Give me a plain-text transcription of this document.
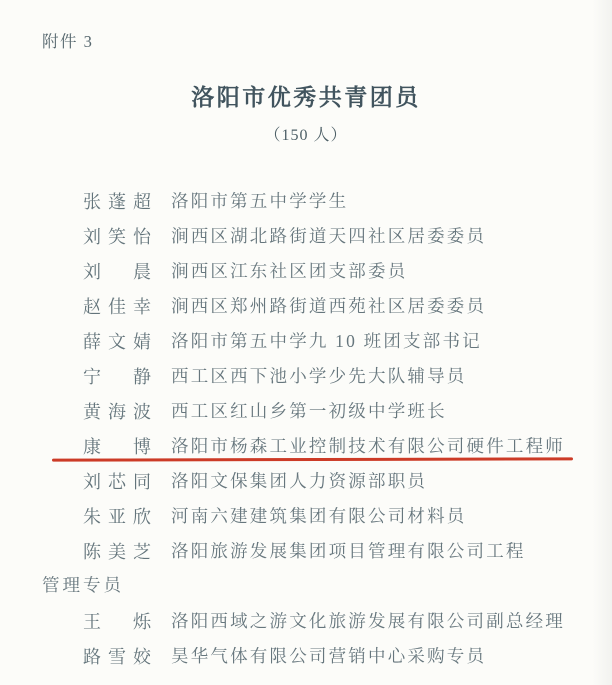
附件 3
洛阳市优秀共青团员
（150 人）
张 蓬 超 洛阳市第五中学学生
刘 笑 怡 涧西区湖北路街道天四社区居委委员
刘 晨 涧西区江东社区团支部委员
赵 佳 幸 涧西区郑州路街道西苑社区居委委员
薛 文 婧 洛阳市第五中学九 10 班团支部书记
宁 静 西工区西下池小学少先大队辅导员
黄 海 波 西工区红山乡第一初级中学班长
康 博 洛阳市杨森工业控制技术有限公司硬件工程师
刘 芯 同 洛阳文保集团人力资源部职员
朱 亚 欣 河南六建建筑集团有限公司材料员
陈 美 芝 洛阳旅游发展集团项目管理有限公司工程
管理专员
王 烁 洛阳西域之游文化旅游发展有限公司副总经理
路 雪 姣 昊华气体有限公司营销中心采购专员
